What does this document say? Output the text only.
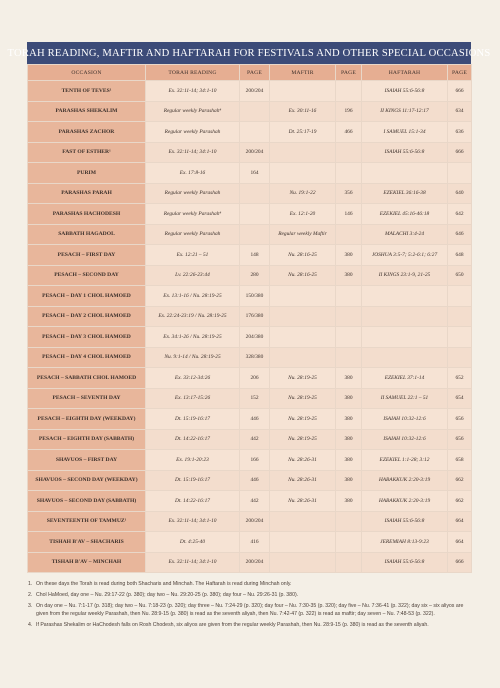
TORAH READING, MAFTIR AND HAFTARAH FOR FESTIVALS AND OTHER SPECIAL OCCASIONS
OCCASION	TORAH READING	PAGE	MAFTIR	PAGE	HAFTARAH	PAGE
TENTH OF TEVES¹	Ex. 32:11-14; 34:1-10	200/204			ISAIAH 55:6-56:8	666
PARASHAS SHEKALIM	Regular weekly Parashah⁴		Ex. 30:11-16	196	II KINGS 11:17-12:17	634
PARASHAS ZACHOR	Regular weekly Parashah		Dt. 25:17-19	466	I SAMUEL 15:1-34	636
FAST OF ESTHER¹	Ex. 32:11-14; 34:1-10	200/204			ISAIAH 55:6-56:8	666
PURIM	Ex. 17:8-16	164				
PARASHAS PARAH	Regular weekly Parashah		Nu. 19:1-22	356	EZEKIEL 36:16-38	640
PARASHAS HACHODESH	Regular weekly Parashah⁴		Ex. 12:1-20	146	EZEKIEL 45:16-46:18	642
SABBATH HAGADOL	Regular weekly Parashah		Regular weekly Maftir		MALACHI 3:4-24	646
PESACH – FIRST DAY	Ex. 12:21 – 51	148	Nu. 28:16-25	380	JOSHUA 3:5-7; 5:2-6:1; 6:27	648
PESACH – SECOND DAY	Lv. 22:26-23:44	280	Nu. 28:16-25	380	II KINGS 23:1-9, 21-25	650
PESACH – DAY 1 CHOL HAMOED	Ex. 13:1-16 / Nu. 28:19-25	150/380				
PESACH – DAY 2 CHOL HAMOED	Ex. 22:24-23:19 / Nu. 28:19-25	176/380				
PESACH – DAY 3 CHOL HAMOED	Ex. 34:1-26 / Nu. 28:19-25	204/380				
PESACH – DAY 4 CHOL HAMOED	Nu. 9:1-14 / Nu. 28:19-25	328/380				
PESACH – SABBATH CHOL HAMOED	Ex. 33:12-34:26	206	Nu. 28:19-25	380	EZEKIEL 37:1-14	652
PESACH – SEVENTH DAY	Ex. 13:17-15:26	152	Nu. 28:19-25	380	II SAMUEL 22:1 – 51	654
PESACH – EIGHTH DAY (WEEKDAY)	Dt. 15:19-16:17	446	Nu. 28:19-25	380	ISAIAH 10:32-12:6	656
PESACH – EIGHTH DAY (SABBATH)	Dt. 14:22-16:17	442	Nu. 28:19-25	380	ISAIAH 10:32-12:6	656
SHAVUOS – FIRST DAY	Ex. 19:1-20:23	166	Nu. 28:26-31	380	EZEKIEL 1:1-28; 3:12	658
SHAVUOS – SECOND DAY (WEEKDAY)	Dt. 15:19-16:17	446	Nu. 28:26-31	380	HABAKKUK 2:20-3:19	662
SHAVUOS – SECOND DAY (SABBATH)	Dt. 14:22-16:17	442	Nu. 28:26-31	380	HABAKKUK 2:20-3:19	662
SEVENTEENTH OF TAMMUZ¹	Ex. 32:11-14; 34:1-10	200/204			ISAIAH 55:6-56:8	664
TISHAH B'AV – SHACHARIS	Dt. 4:25-40	416			JEREMIAH 8:13-9:23	664
TISHAH B'AV – MINCHAH	Ex. 32:11-14; 34:1-10	200/204			ISAIAH 55:6-56:8	666
1. On these days the Torah is read during both Shacharis and Minchah. The Haftarah is read during Minchah only.
2. Chol HaMoed, day one – Nu. 29:17-22 (p. 380); day two – Nu. 29:20-25 (p. 380); day four – Nu. 29:26-31 (p. 380).
3. On day one – Nu. 7:1-17 (p. 318); day two – Nu. 7:18-23 (p. 320); day three – Nu. 7:24-29 (p. 320); day four – Nu. 7:30-35 (p. 320); day five – Nu. 7:36-41 (p. 322); day six – six aliyos are given from the regular weekly Parashah, then Nu. 28:9-15 (p. 380) is read as the seventh aliyah, then Nu. 7:42-47 (p. 322) is read as maftir; day seven – Nu. 7:48-53 (p. 322).
4. If Parashas Shekalim or HaChodesh falls on Rosh Chodesh, six aliyos are given from the regular weekly Parashah, then Nu. 28:9-15 (p. 380) is read as the seventh aliyah.
